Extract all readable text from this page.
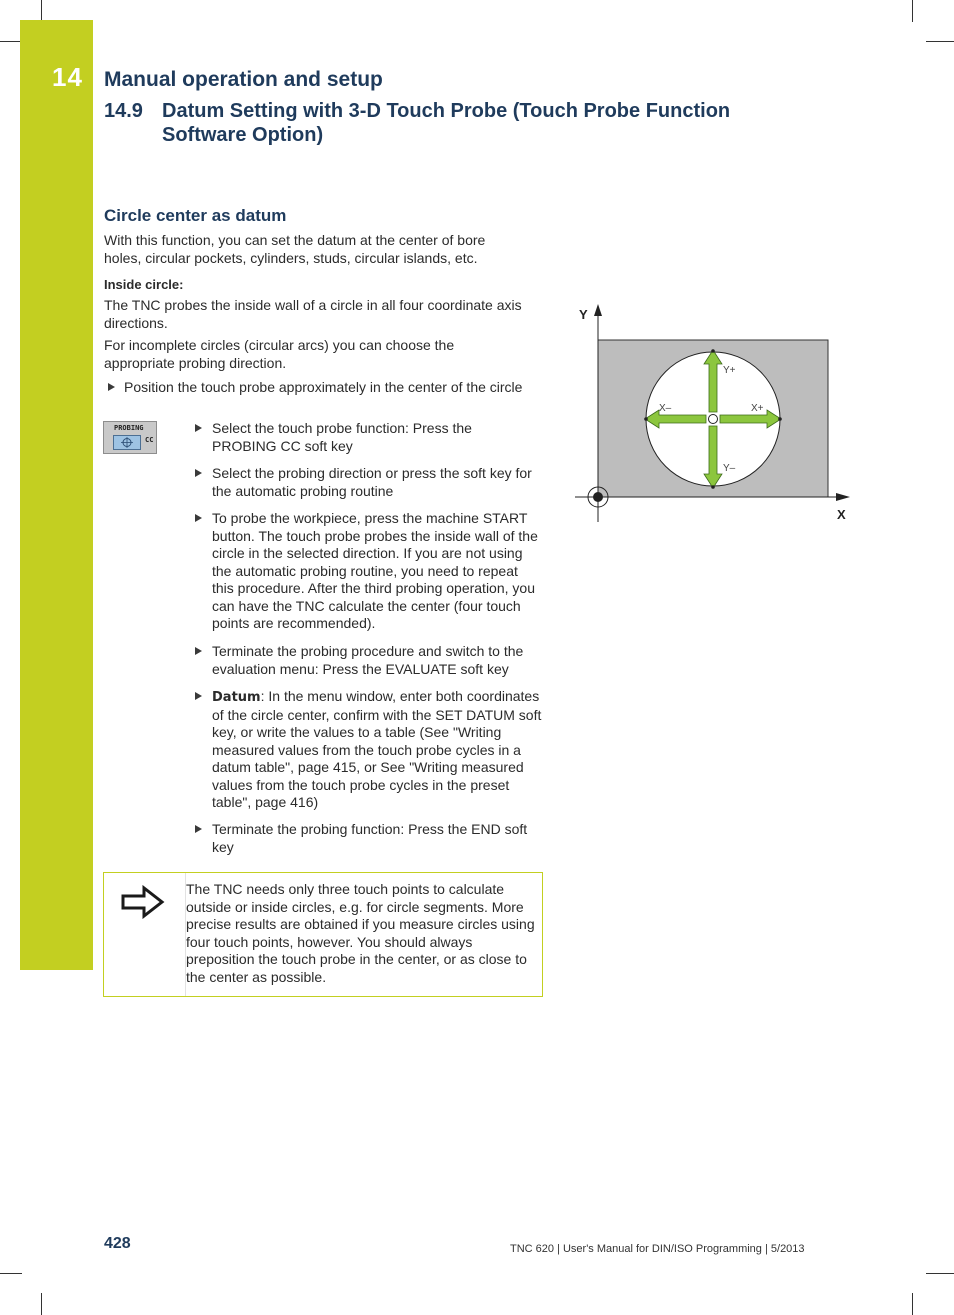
14 Manual operation and setup
14.9 Datum Setting with 3-D Touch Probe (Touch Probe Function Software Option)
Circle center as datum
With this function, you can set the datum at the center of bore holes, circular pockets, cylinders, studs, circular islands, etc.
Inside circle:
The TNC probes the inside wall of a circle in all four coordinate axis directions.
For incomplete circles (circular arcs) you can choose the appropriate probing direction.
Position the touch probe approximately in the center of the circle
PROBING
CC
Select the touch probe function: Press the PROBING CC soft key
Select the probing direction or press the soft key for the automatic probing routine
To probe the workpiece, press the machine START button. The touch probe probes the inside wall of the circle in the selected direction. If you are not using the automatic probing routine, you need to repeat this procedure. After the third probing operation, you can have the TNC calculate the center (four touch points are recommended).
Terminate the probing procedure and switch to the evaluation menu: Press the EVALUATE soft key
Datum: In the menu window, enter both coordinates of the circle center, confirm with the SET DATUM soft key, or write the values to a table (See "Writing measured values from the touch probe cycles in a datum table", page 415, or See "Writing measured values from the touch probe cycles in the preset table", page 416)
Terminate the probing function: Press the END soft key
The TNC needs only three touch points to calculate outside or inside circles, e.g. for circle segments. More precise results are obtained if you measure circles using four touch points, however. You should always preposition the touch probe in the center, or as close to the center as possible.
Y+
Y–
X–	X+
Y
X
428	TNC 620 | User's Manual for DIN/ISO Programming | 5/2013
